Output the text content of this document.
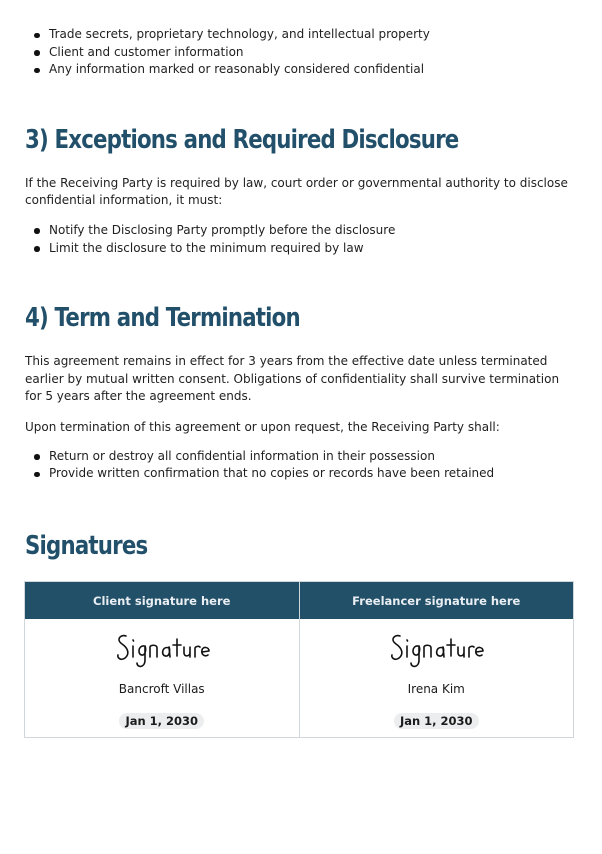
Trade secrets, proprietary technology, and intellectual property
Client and customer information
Any information marked or reasonably considered confidential
3) Exceptions and Required Disclosure

If the Receiving Party is required by law, court order or governmental authority to disclose confidential information, it must:

Notify the Disclosing Party promptly before the disclosure
Limit the disclosure to the minimum required by law
4) Term and Termination

This agreement remains in effect for 3 years from the effective date unless terminated earlier by mutual written consent. Obligations of confidentiality shall survive termination for 5 years after the agreement ends.

Upon termination of this agreement or upon request, the Receiving Party shall:

Return or destroy all confidential information in their possession
Provide written confirmation that no copies or records have been retained
Signatures
Client signature here	Freelancer signature here
Bancroft Villas
Jan 1, 2030
Irena Kim
Jan 1, 2030
